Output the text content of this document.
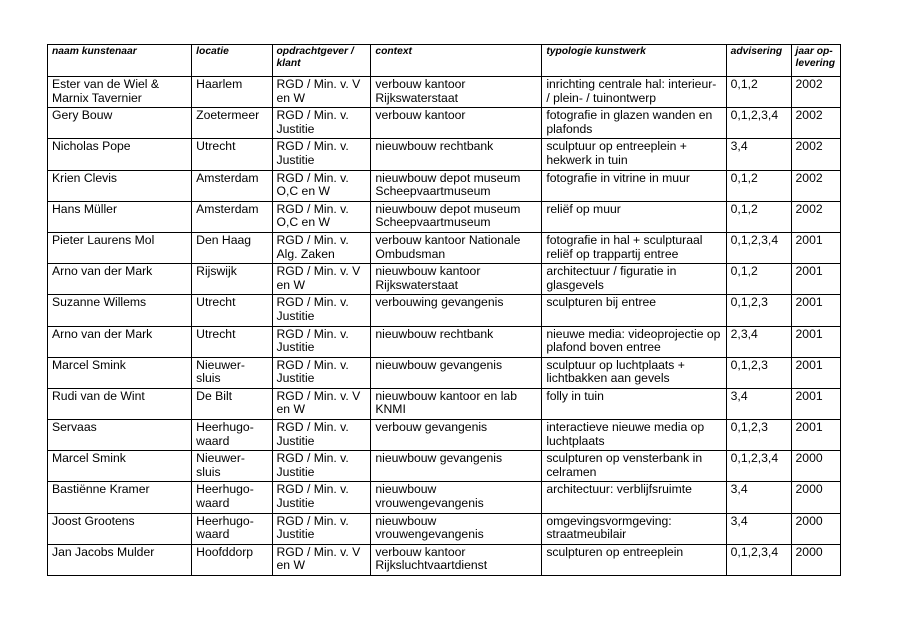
naam kunstenaar	locatie	opdrachtgever / klant	context	typologie kunstwerk	advisering	jaar op-levering
Ester van de Wiel & Marnix Tavernier	Haarlem	RGD / Min. v. V en W	verbouw kantoor Rijkswaterstaat	inrichting centrale hal: interieur- / plein- / tuinontwerp	0,1,2	2002
Gery Bouw	Zoetermeer	RGD / Min. v. Justitie	verbouw kantoor	fotografie in glazen wanden en plafonds	0,1,2,3,4	2002
Nicholas Pope	Utrecht	RGD / Min. v. Justitie	nieuwbouw rechtbank	sculptuur op entreeplein + hekwerk in tuin	3,4	2002
Krien Clevis	Amsterdam	RGD / Min. v. O,C en W	nieuwbouw depot museum Scheepvaartmuseum	fotografie in vitrine in muur	0,1,2	2002
Hans Müller	Amsterdam	RGD / Min. v. O,C en W	nieuwbouw depot museum Scheepvaartmuseum	reliëf op muur	0,1,2	2002
Pieter Laurens Mol	Den Haag	RGD / Min. v. Alg. Zaken	verbouw kantoor Nationale Ombudsman	fotografie in hal + sculpturaal reliëf op trappartij entree	0,1,2,3,4	2001
Arno van der Mark	Rijswijk	RGD / Min. v. V en W	nieuwbouw kantoor Rijkswaterstaat	architectuur / figuratie in glasgevels	0,1,2	2001
Suzanne Willems	Utrecht	RGD / Min. v. Justitie	verbouwing gevangenis	sculpturen bij entree	0,1,2,3	2001
Arno van der Mark	Utrecht	RGD / Min. v. Justitie	nieuwbouw rechtbank	nieuwe media: videoprojectie op plafond boven entree	2,3,4	2001
Marcel Smink	Nieuwer-sluis	RGD / Min. v. Justitie	nieuwbouw gevangenis	sculptuur op luchtplaats + lichtbakken aan gevels	0,1,2,3	2001
Rudi van de Wint	De Bilt	RGD / Min. v. V en W	nieuwbouw kantoor en lab KNMI	folly in tuin	3,4	2001
Servaas	Heerhugo-waard	RGD / Min. v. Justitie	verbouw gevangenis	interactieve nieuwe media op luchtplaats	0,1,2,3	2001
Marcel Smink	Nieuwer-sluis	RGD / Min. v. Justitie	nieuwbouw gevangenis	sculpturen op vensterbank in celramen	0,1,2,3,4	2000
Bastiënne Kramer	Heerhugo-waard	RGD / Min. v. Justitie	nieuwbouw vrouwengevangenis	architectuur: verblijfsruimte	3,4	2000
Joost Grootens	Heerhugo-waard	RGD / Min. v. Justitie	nieuwbouw vrouwengevangenis	omgevingsvormgeving: straatmeubilair	3,4	2000
Jan Jacobs Mulder	Hoofddorp	RGD / Min. v. V en W	verbouw kantoor Rijksluchtvaartdienst	sculpturen op entreeplein	0,1,2,3,4	2000
